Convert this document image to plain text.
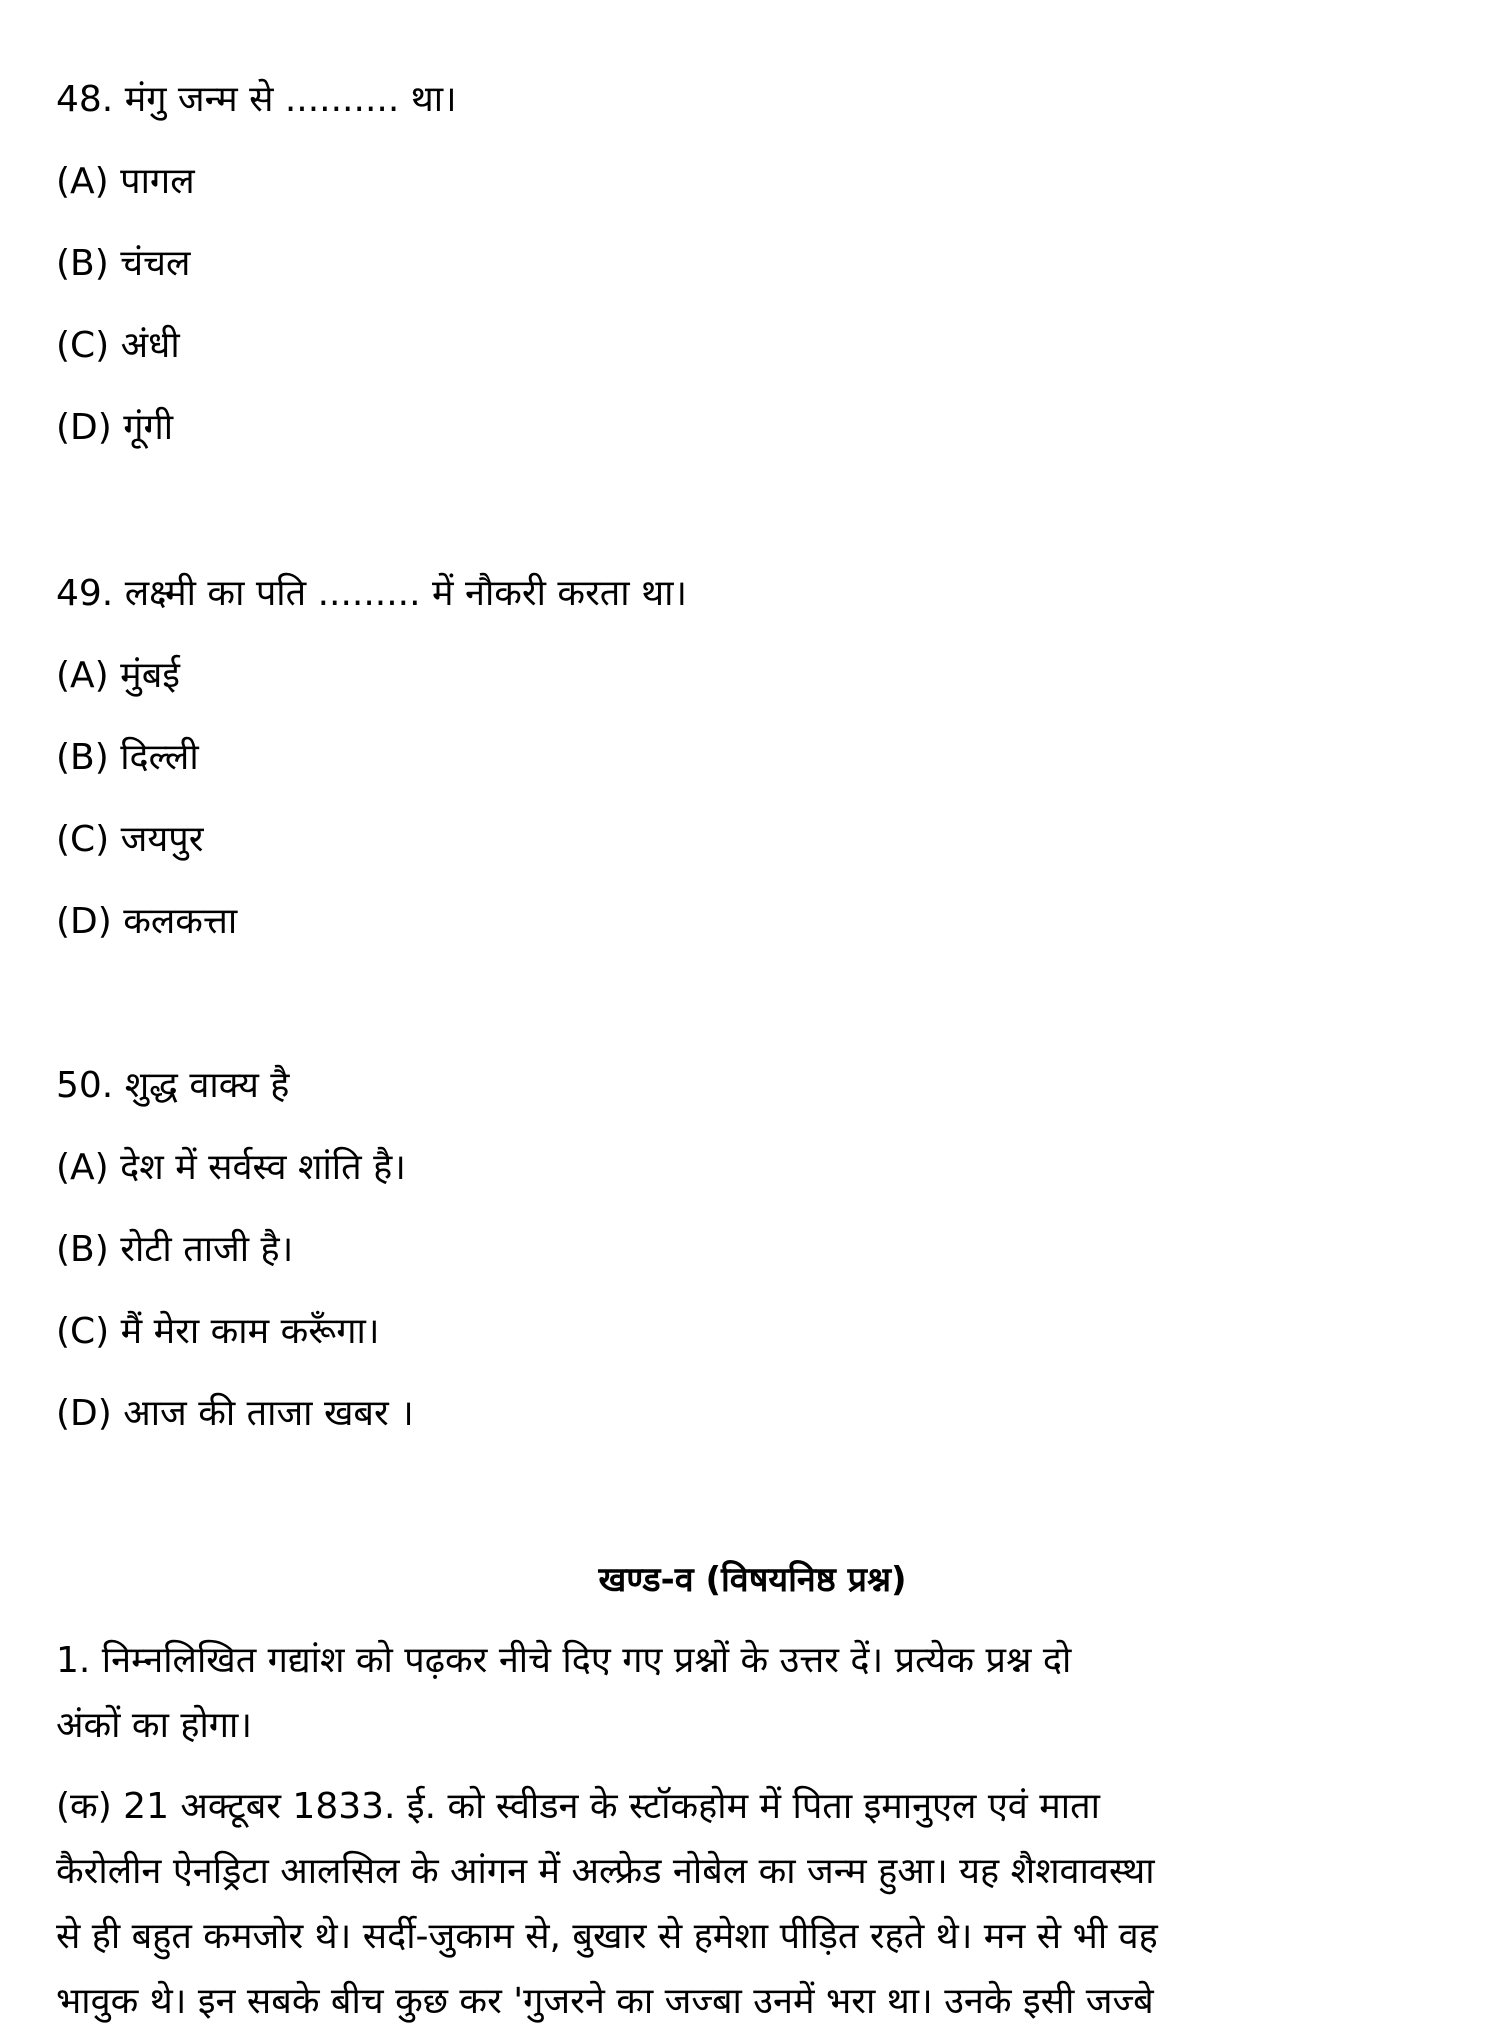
48. मंगु जन्म से .......... था।
(A) पागल
(B) चंचल
(C) अंधी
(D) गूंगी
49. लक्ष्मी का पति ......... में नौकरी करता था।
(A) मुंबई
(B) दिल्ली
(C) जयपुर
(D) कलकत्ता
50. शुद्ध वाक्य है
(A) देश में सर्वस्व शांति है।
(B) रोटी ताजी है।
(C) मैं मेरा काम करूँगा।
(D) आज की ताजा खबर ।
खण्ड-व (विषयनिष्ठ प्रश्न)
1. निम्नलिखित गद्यांश को पढ़कर नीचे दिए गए प्रश्नों के उत्तर दें। प्रत्येक प्रश्न दो
अंकों का होगा।
(क) 21 अक्टूबर 1833. ई. को स्वीडन के स्टॉकहोम में पिता इमानुएल एवं माता
कैरोलीन ऐनड्रिटा आलसिल के आंगन में अल्फ्रेड नोबेल का जन्म हुआ। यह शैशवावस्था
से ही बहुत कमजोर थे। सर्दी-जुकाम से, बुखार से हमेशा पीड़ित रहते थे। मन से भी वह
भावुक थे। इन सबके बीच कुछ कर 'गुजरने का जज्बा उनमें भरा था। उनके इसी जज्बे
